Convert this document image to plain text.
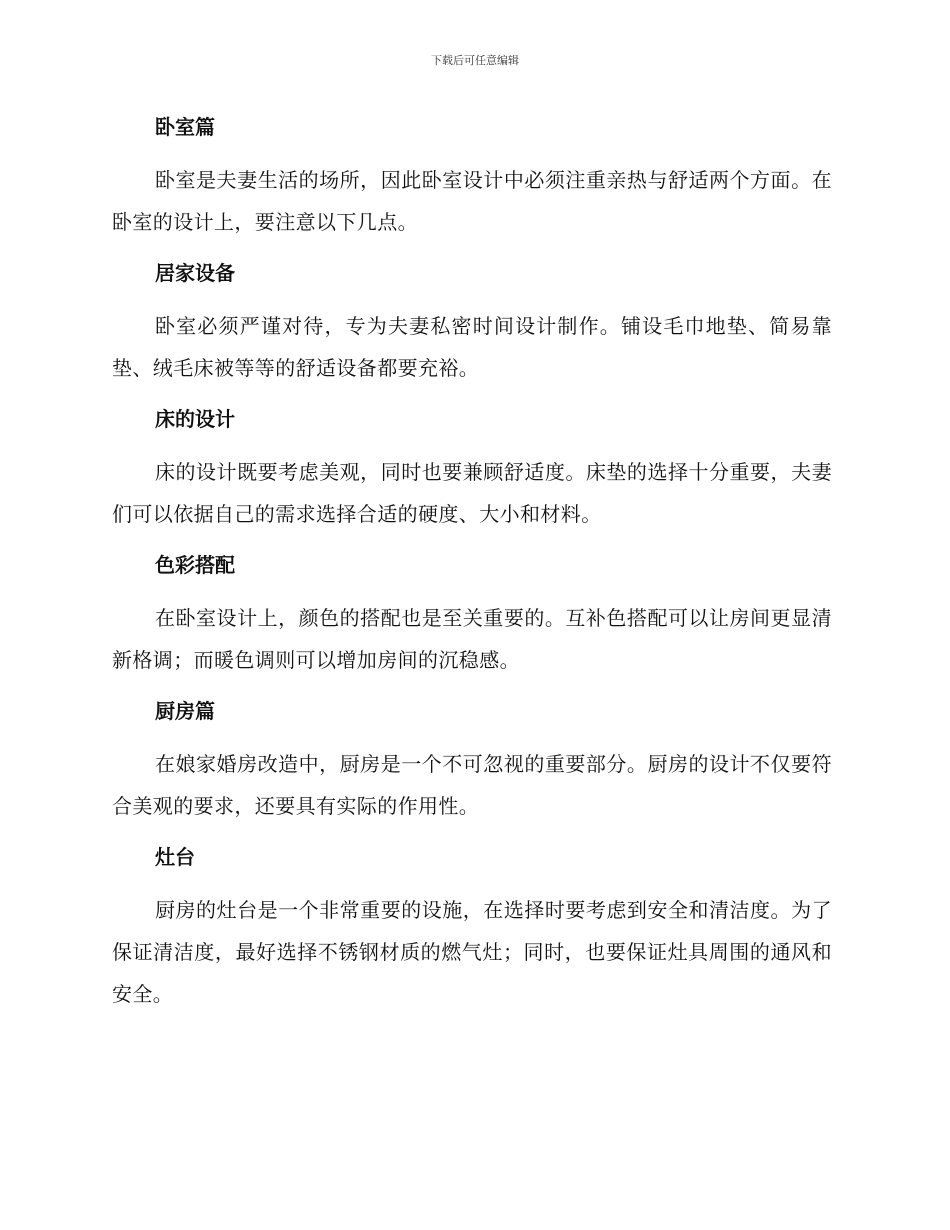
下载后可任意编辑
卧室篇

卧室是夫妻生活的场所，因此卧室设计中必须注重亲热与舒适两个方面。在卧室的设计上，要注意以下几点。

居家设备

卧室必须严谨对待，专为夫妻私密时间设计制作。铺设毛巾地垫、简易靠垫、绒毛床被等等的舒适设备都要充裕。

床的设计

床的设计既要考虑美观，同时也要兼顾舒适度。床垫的选择十分重要，夫妻们可以依据自己的需求选择合适的硬度、大小和材料。

色彩搭配

在卧室设计上，颜色的搭配也是至关重要的。互补色搭配可以让房间更显清新格调；而暖色调则可以增加房间的沉稳感。

厨房篇

在娘家婚房改造中，厨房是一个不可忽视的重要部分。厨房的设计不仅要符合美观的要求，还要具有实际的作用性。

灶台

厨房的灶台是一个非常重要的设施，在选择时要考虑到安全和清洁度。为了保证清洁度，最好选择不锈钢材质的燃气灶；同时，也要保证灶具周围的通风和安全。
